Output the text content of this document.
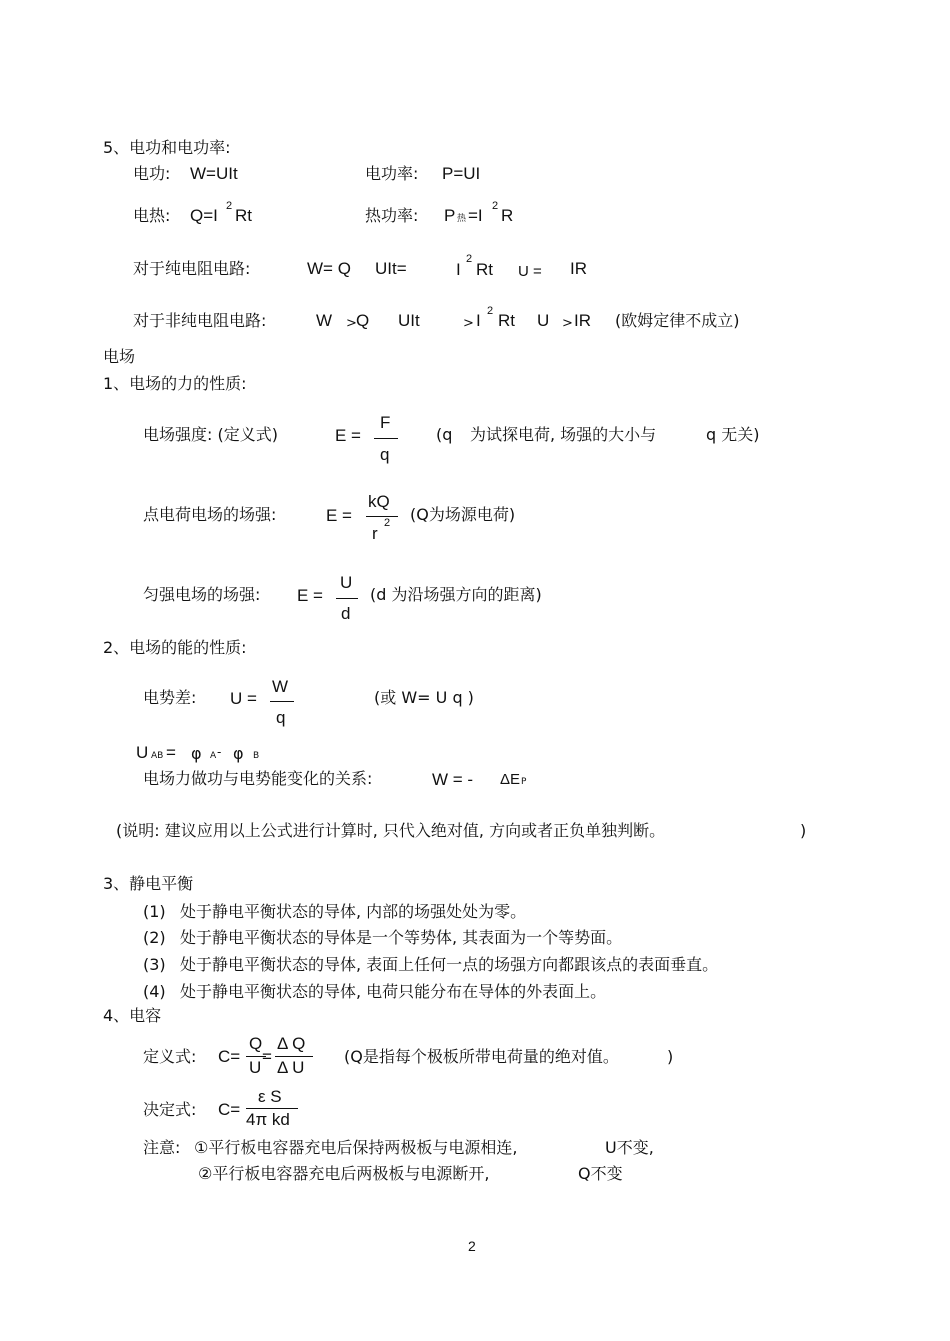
5、电功和电功率:
电功: W=UIt	电功率: P=UI
电热: Q=I 2 Rt	热功率: P 热 =I 2 R
对于纯电阻电路:	W= Q UIt=	I
2
Rt U = IR
对于非纯电阻电路:	W > Q UIt	> I 2 Rt U > IR (欧姆定律不成立)
电场
1、电场的力的性质:
电场强度: (定义式)	E =
F
q
(q 为试探电荷, 场强的大小与	q 无关)
点电荷电场的场强:	E =
kQ
r
2 (Q为场源电荷)
匀强电场的场强: E =
U
d
(d 为沿场强方向的距离)
2、电场的能的性质:
电势差: U =
W
q
(或 W= U q )
U AB = φ A - φ B
电场力做功与电势能变化的关系:	W = - ΔE P
(说明: 建议应用以上公式进行计算时, 只代入绝对值, 方向或者正负单独判断。	)
3、静电平衡
(1) 处于静电平衡状态的导体, 内部的场强处处为零。
(2) 处于静电平衡状态的导体是一个等势体, 其表面为一个等势面。
(3) 处于静电平衡状态的导体, 表面上任何一点的场强方向都跟该点的表面垂直。
(4) 处于静电平衡状态的导体, 电荷只能分布在导体的外表面上。
4、电容
定义式: C=
Q
U
=
Δ Q
Δ U
(Q是指每个极板所带电荷量的绝对值。	)
决定式: C=
ε S
4π kd
注意: ①平行板电容器充电后保持两极板与电源相连,	U不变,
②平行板电容器充电后两极板与电源断开,	Q不变
2
